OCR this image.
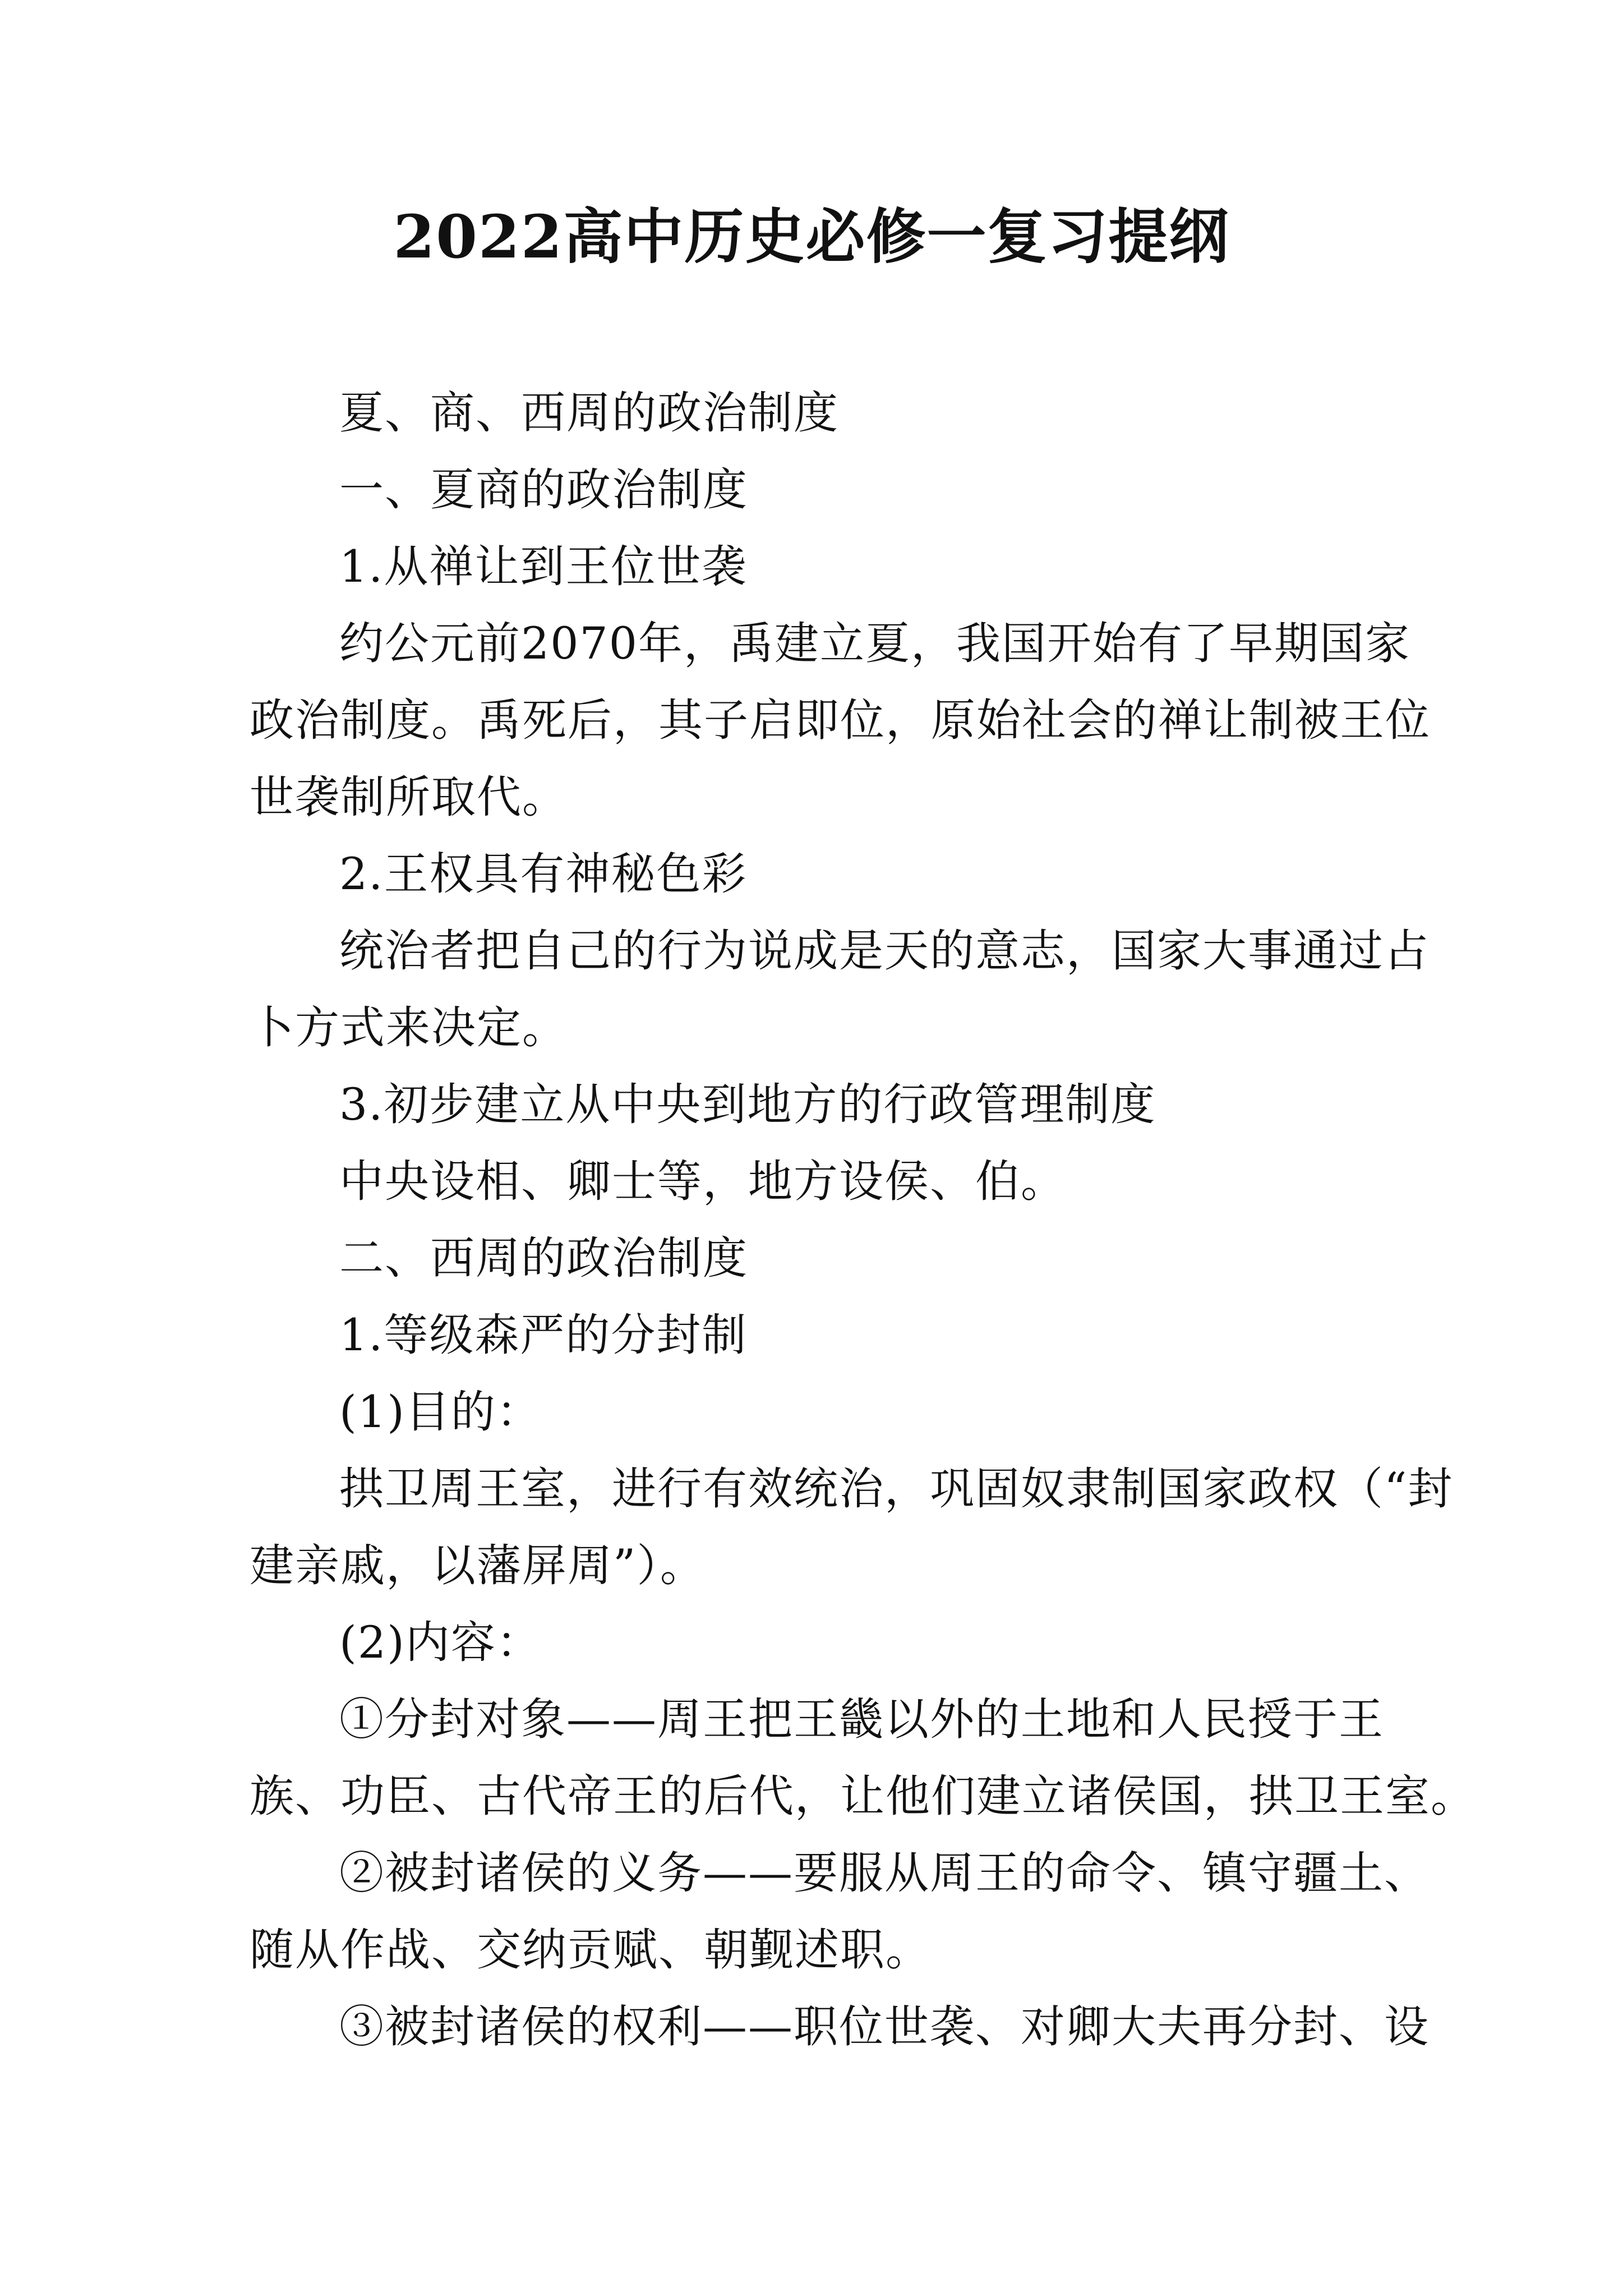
2022高中历史必修一复习提纲
夏、商、西周的政治制度
一、夏商的政治制度
1.从禅让到王位世袭
约公元前2070年，禹建立夏，我国开始有了早期国家
政治制度。禹死后，其子启即位，原始社会的禅让制被王位
世袭制所取代。
2.王权具有神秘色彩
统治者把自己的行为说成是天的意志，国家大事通过占
卜方式来决定。
3.初步建立从中央到地方的行政管理制度
中央设相、卿士等，地方设侯、伯。
二、西周的政治制度
1.等级森严的分封制
(1)目的：
拱卫周王室，进行有效统治，巩固奴隶制国家政权（“封
建亲戚，以藩屏周”）。
(2)内容：
①分封对象——周王把王畿以外的土地和人民授于王
族、功臣、古代帝王的后代，让他们建立诸侯国，拱卫王室。
②被封诸侯的义务——要服从周王的命令、镇守疆土、
随从作战、交纳贡赋、朝觐述职。
③被封诸侯的权利——职位世袭、对卿大夫再分封、设
